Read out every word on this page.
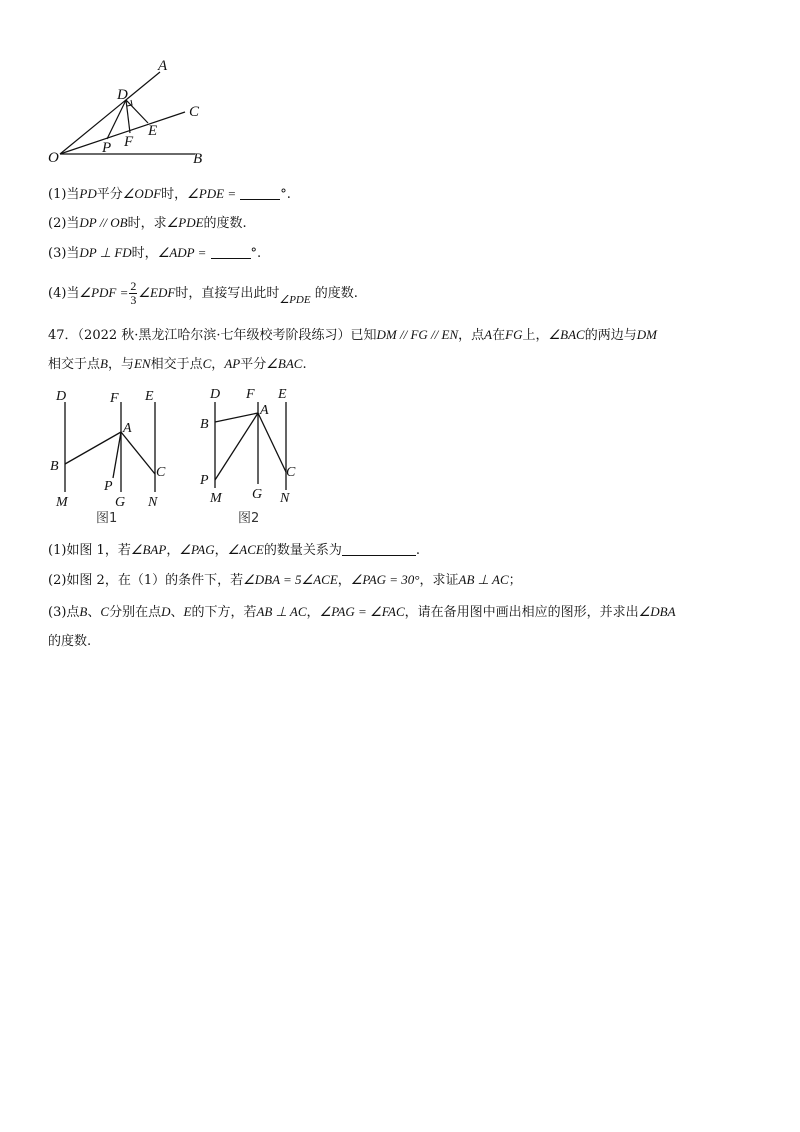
A
D
C
E
F
P
O	B
(1)当PD平分∠ODF时，∠PDE =	°.
(2)当DP // OB时，求∠PDE的度数.
(3)当DP ⊥ FD时，∠ADP =	°.
(4)当∠PDF = $\frac{2}{3}$ ∠EDF时，直接写出此时$_{\angle PDE}$ 的度数.
47．（2022 秋·黑龙江哈尔滨·七年级校考阶段练习）已知DM // FG // EN，点A在FG上，∠BAC的两边与DM
相交于点B，与EN相交于点C，AP平分∠BAC.
D	F E
A
B	C
P
M	G N
图1
D F E
A
B
C
P
M G N
图2
(1)如图 1，若∠BAP，∠PAG，∠ACE的数量关系为	.
(2)如图 2，在（1）的条件下，若∠DBA = 5∠ACE，∠PAG = 30°，求证AB ⊥ AC；
(3)点B、C分别在点D、E的下方，若AB ⊥ AC，∠PAG = ∠FAC，请在备用图中画出相应的图形，并求出∠DBA
的度数.
